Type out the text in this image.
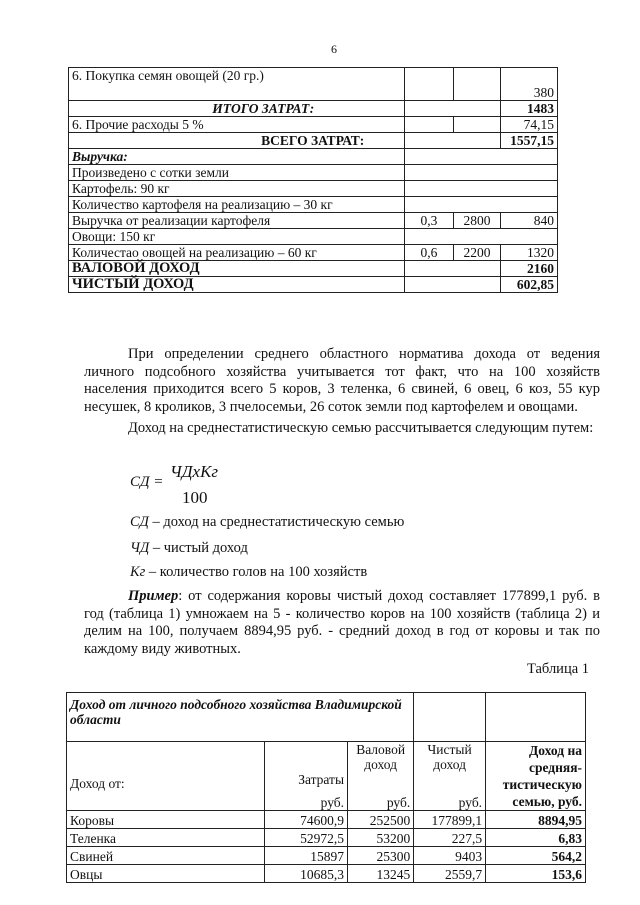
6
6. Покупка семян овощей (20 гр.)			380
ИТОГО ЗАТРАТ:			1483
6. Прочие расходы 5 %			74,15
ВСЕГО ЗАТРАТ:			1557,15
Выручка:			
Произведено с сотки земли			
Картофель: 90 кг			
Количество картофеля на реализацию – 30 кг			
Выручка от реализации картофеля	0,3	2800	840
Овощи: 150 кг			
Количестао овощей на реализацию – 60 кг	0,6	2200	1320
ВАЛОВОЙ ДОХОД			2160
ЧИСТЫЙ ДОХОД			602,85
При определении среднего областного норматива дохода от ведения личного подсобного хозяйства учитывается тот факт, что на 100 хозяйств населения приходится всего 5 коров, 3 теленка, 6 свиней, 6 овец, 6 коз, 55 кур несушек, 8 кроликов, 3 пчелосемьи, 26 соток земли под картофелем и овощами.
Доход на среднестатистическую семью рассчитывается следующим путем:
СД =
ЧДхКг
100
СД – доход на среднестатистическую семью
ЧД – чистый доход
Кг – количество голов на 100 хозяйств
Пример: от содержания коровы чистый доход составляет 177899,1 руб. в год (таблица 1) умножаем на 5 - количество коров на 100 хозяйств (таблица 2) и делим на 100, получаем 8894,95 руб. - средний доход в год от коровы и так по каждому виду животных.
Таблица 1
Доход от личного подсобного хозяйства Владимирской области				

Доход от:	Затраты	Валовой доход	Чистый доход	Доход на средняя-тистическую семью, руб.
	руб.	руб.	руб.	
Коровы	74600,9	252500	177899,1	8894,95
Теленка	52972,5	53200	227,5	6,83
Свиней	15897	25300	9403	564,2
Овцы	10685,3	13245	2559,7	153,6
